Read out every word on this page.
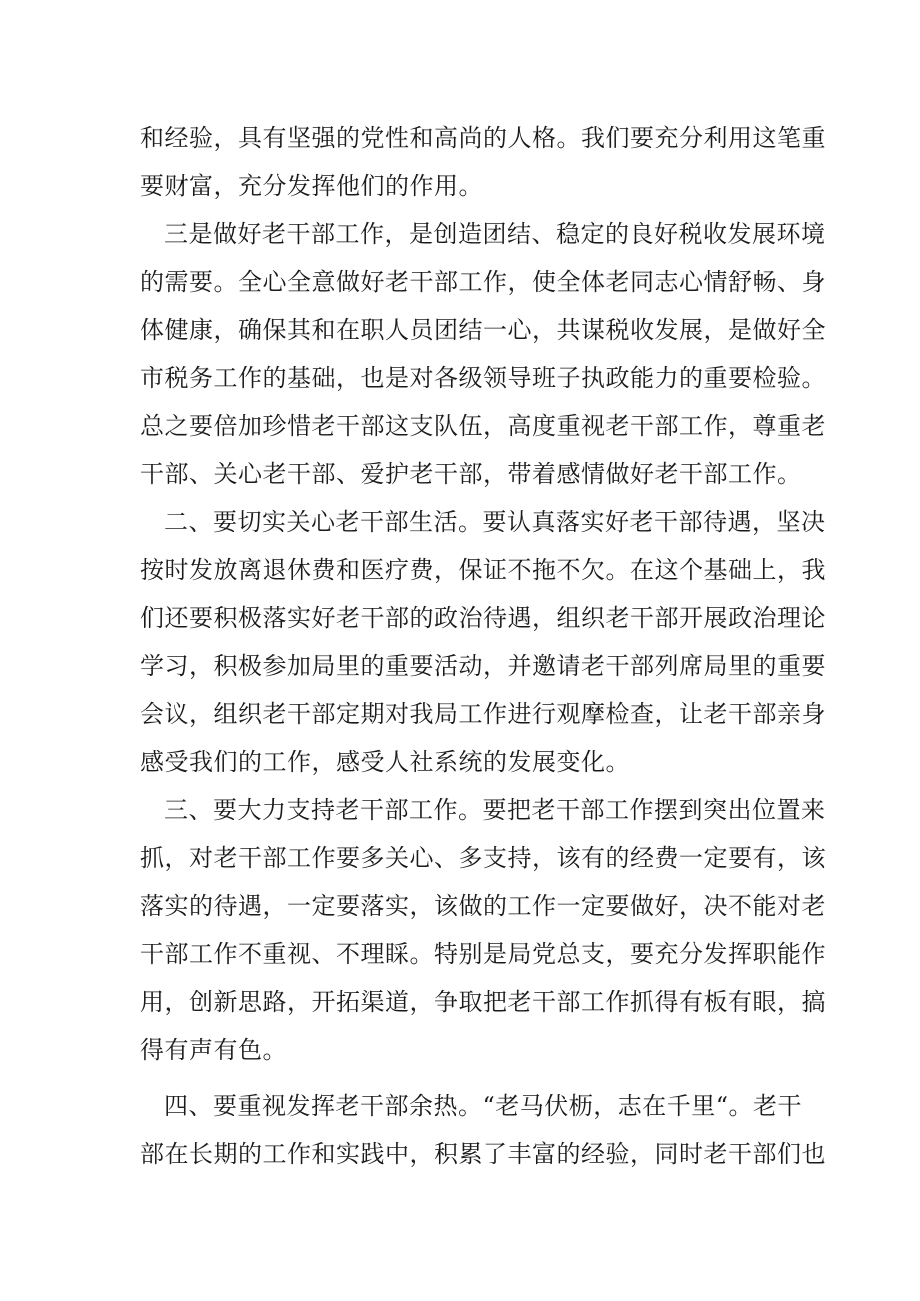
和经验，具有坚强的党性和高尚的人格。我们要充分利用这笔重

要财富，充分发挥他们的作用。

三是做好老干部工作，是创造团结、稳定的良好税收发展环境

的需要。全心全意做好老干部工作，使全体老同志心情舒畅、身

体健康，确保其和在职人员团结一心，共谋税收发展，是做好全

市税务工作的基础，也是对各级领导班子执政能力的重要检验。

总之要倍加珍惜老干部这支队伍，高度重视老干部工作，尊重老

干部、关心老干部、爱护老干部，带着感情做好老干部工作。

二、要切实关心老干部生活。要认真落实好老干部待遇，坚决

按时发放离退休费和医疗费，保证不拖不欠。在这个基础上，我

们还要积极落实好老干部的政治待遇，组织老干部开展政治理论

学习，积极参加局里的重要活动，并邀请老干部列席局里的重要

会议，组织老干部定期对我局工作进行观摩检查，让老干部亲身

感受我们的工作，感受人社系统的发展变化。

三、要大力支持老干部工作。要把老干部工作摆到突出位置来

抓，对老干部工作要多关心、多支持，该有的经费一定要有，该

落实的待遇，一定要落实，该做的工作一定要做好，决不能对老

干部工作不重视、不理睬。特别是局党总支，要充分发挥职能作

用，创新思路，开拓渠道，争取把老干部工作抓得有板有眼，搞

得有声有色。

四、要重视发挥老干部余热。“老马伏枥，志在千里“。老干

部在长期的工作和实践中，积累了丰富的经验，同时老干部们也
